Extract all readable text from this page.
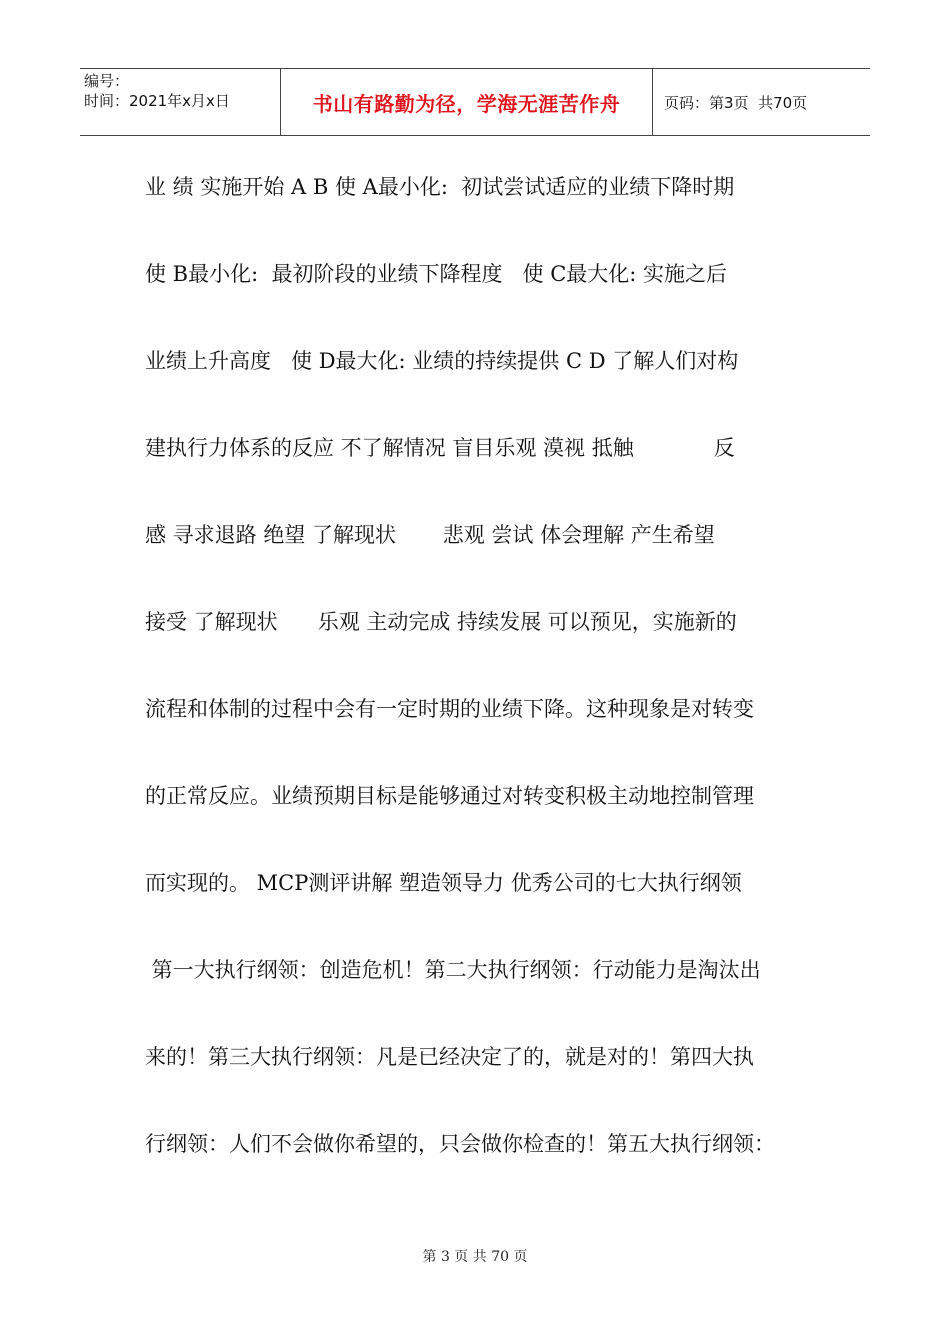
编号：
时间：2021年x月x日	书山有路勤为径，学海无涯苦作舟	页码：第3页  共70页
业 绩 实施开始 A B 使 A最小化:  初试尝试适应的业绩下降时期
使 B最小化:  最初阶段的业绩下降程度   使 C最大化: 实施之后
业绩上升高度   使 D最大化: 业绩的持续提供 C D 了解人们对构
建执行力体系的反应 不了解情况 盲目乐观 漠视 抵触            反
感 寻求退路 绝望 了解现状       悲观 尝试 体会理解 产生希望
接受 了解现状      乐观 主动完成 持续发展 可以预见，实施新的
流程和体制的过程中会有一定时期的业绩下降。这种现象是对转变
的正常反应。业绩预期目标是能够通过对转变积极主动地控制管理
而实现的。 MCP测评讲解 塑造领导力 优秀公司的七大执行纲领
第一大执行纲领：创造危机！第二大执行纲领：行动能力是淘汰出
来的！第三大执行纲领：凡是已经决定了的，就是对的！第四大执
行纲领：人们不会做你希望的，只会做你检查的！第五大执行纲领：
第 3 页 共 70 页
